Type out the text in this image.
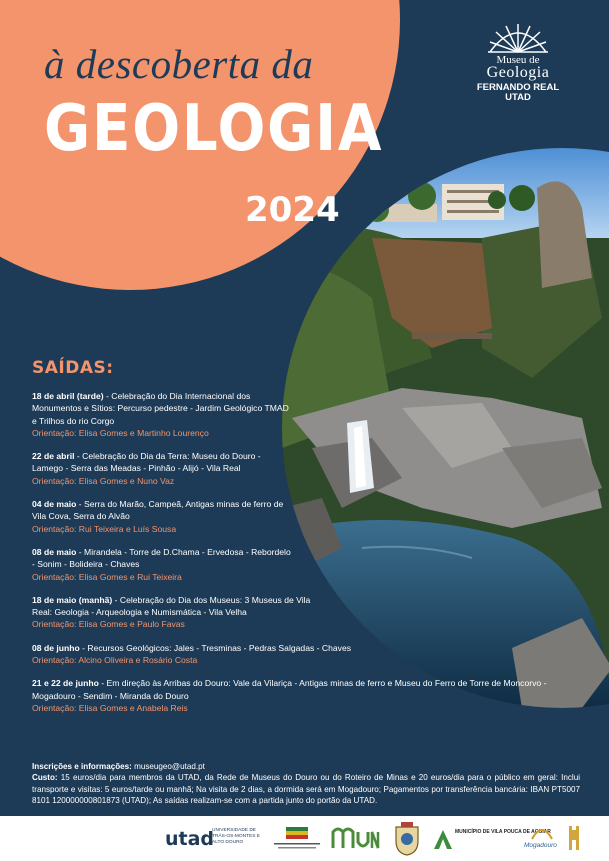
à descoberta da
GEOLOGIA
2024
Museu de
Geologia
FERNANDO REAL
UTAD
SAÍDAS:
18 de abril (tarde) - Celebração do Dia Internacional dos Monumentos e Sítios: Percurso pedestre - Jardim Geológico TMAD e Trilhos do rio Corgo
Orientação: Elisa Gomes e Martinho Lourenço
22 de abril - Celebração do Dia da Terra: Museu do Douro - Lamego - Serra das Meadas - Pinhão - Alijó - Vila Real
Orientação: Elisa Gomes e Nuno Vaz
04 de maio - Serra do Marão, Campeã, Antigas minas de ferro de Vila Cova, Serra do Alvão
Orientação: Rui Teixeira e Luís Sousa
08 de maio - Mirandela - Torre de D.Chama - Ervedosa - Rebordelo - Sonim - Bolideira - Chaves
Orientação: Elisa Gomes e Rui Teixeira
18 de maio (manhã) - Celebração do Dia dos Museus: 3 Museus de Vila Real: Geologia - Arqueologia e Numismática - Vila Velha
Orientação: Elisa Gomes e Paulo Favas
08 de junho - Recursos Geológicos: Jales - Tresminas - Pedras Salgadas - Chaves
Orientação: Alcino Oliveira e Rosário Costa
21 e 22 de junho - Em direção às Arribas do Douro: Vale da Vilariça - Antigas minas de ferro e Museu do Ferro de Torre de Moncorvo - Mogadouro - Sendim - Miranda do Douro
Orientação: Elisa Gomes e Anabela Reis
Inscrições e informações: museugeo@utad.pt
Custo: 15 euros/dia para membros da UTAD, da Rede de Museus do Douro ou do Roteiro de Minas e 20 euros/dia para o público em geral: Inclui transporte e visitas: 5 euros/tarde ou manhã; Na visita de 2 dias, a dormida será em Mogadouro; Pagamentos por transferência bancária: IBAN PT5007 8101 120000000801873 (UTAD); As saídas realizam-se com a partida junto do portão da UTAD.
utad
UNIVERSIDADE DE TRÁS-OS-MONTES E ALTO DOURO
MUNICÍPIO DE VILA POUCA DE AGUIAR
Mogadouro
